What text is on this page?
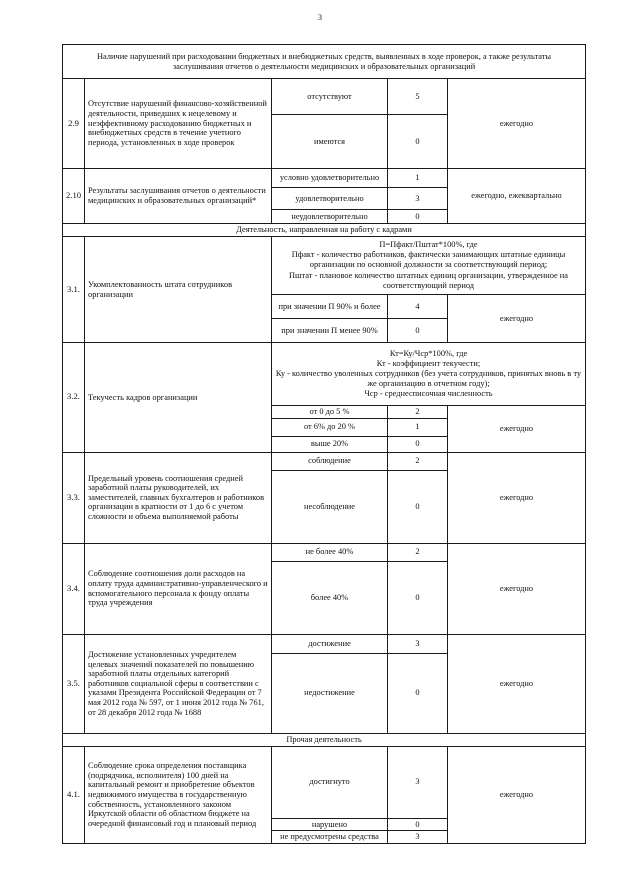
3
Наличие нарушений при расходовании бюджетных и внебюджетных средств, выявленных в ходе проверок, а также результаты
заслушивания отчетов о деятельности медицинских и образовательных организаций				

2.9	Отсутствие нарушений финансово-хозяйственной деятельности, приведших к нецелевому и неэффективному расходованию бюджетных и внебюджетных средств в течение учетного периода, установленных в ходе проверок	отсутствуют	5	ежегодно
		имеются	0	
2.10	Результаты заслушивания отчетов о деятельности медицинских и образовательных организаций*	условно удовлетворительно	1	ежегодно, ежеквартально
		удовлетворительно	3	
		неудовлетворительно	0	
Деятельность, направленная на работу с кадрами				
3.1.	Укомплектованность штата сотрудников организации	П=Пфакт/Пштат*100%, где
Пфакт - количество работников, фактически занимающих штатные единицы организации по основной должности за соответствующий период;
Пштат - плановое количество штатных единиц организации, утвержденное на соответствующий период		

		при значении П 90% и более	4	ежегодно
		при значении П менее 90%	0	
3.2.	Текучесть кадров организации	Кт=Ку/Чср*100%, где
Кт - коэффициент текучести;
Ку - количество уволенных сотрудников (без учета сотрудников, принятых вновь в ту же организацию в отчетном году);
Чср - среднесписочная численность		

		от 0 до 5 %	2	ежегодно
		от 6% до 20 %	1	
		выше 20%	0	
3.3.	Предельный уровень соотношения средней заработной платы руководителей, их заместителей, главных бухгалтеров и работников организации в кратности от 1 до 6 с учетом сложности и объема выполняемой работы	соблюдение	2	ежегодно
		несоблюдение	0	
3.4.	Соблюдение соотношения доли расходов на оплату труда административно-управленческого и вспомогательного персонала к фонду оплаты труда учреждения	не более 40%	2	ежегодно
		более 40%	0	
3.5.	Достижение установленных учредителем целевых значений показателей по повышению заработной платы отдельных категорий работников социальной сферы в соответствии с указами Президента Российской Федерации от 7 мая 2012 года № 597, от 1 июня 2012 года № 761, от 28 декабря 2012 года № 1688	достижение	3	ежегодно
		недостижение	0	
Прочая деятельность				
4.1.	Соблюдение срока определения поставщика (подрядчика, исполнителя) 100 дней на капитальный ремонт и приобретение объектов недвижимого имущества в государственную собственность, установленного законом Иркутской области об областном бюджете на очередной финансовый год и плановый период	достигнуто	3	ежегодно
		нарушено	0	
		не предусмотрены средства	3	
